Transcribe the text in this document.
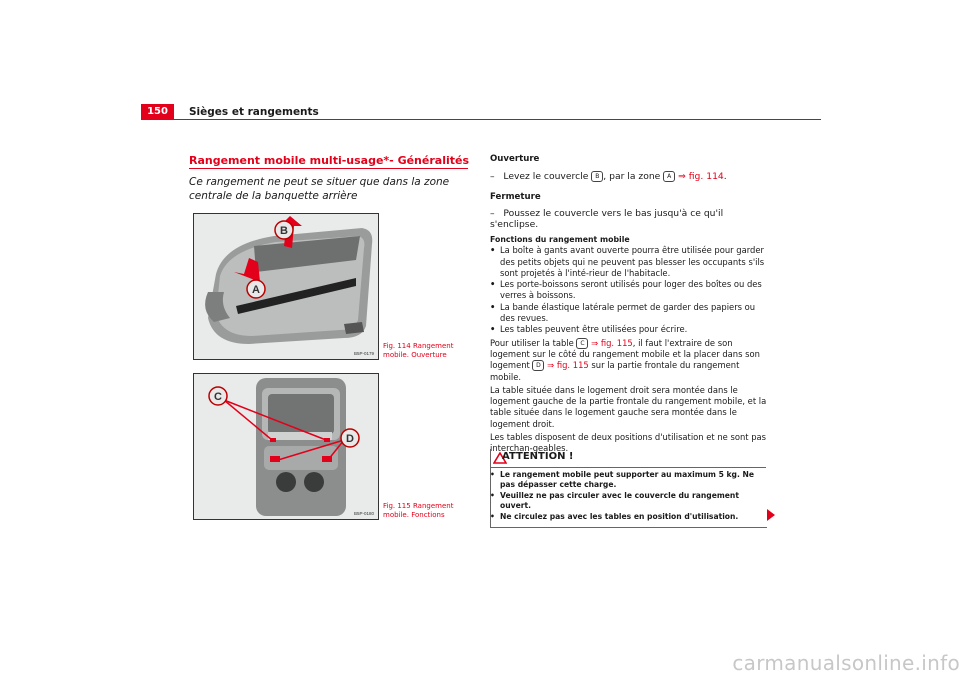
150	Sièges et rangements
Rangement mobile multi-usage*- Généralités
Ce rangement ne peut se situer que dans la zone centrale de la banquette arrière
A
B
B5P-0179
Fig. 114 Rangement mobile. Ouverture
C
D
B5P-0180
Fig. 115 Rangement mobile. Fonctions
Ouverture
– Levez le couvercle B , par la zone A ⇒ fig. 114.
Fermeture
– Poussez le couvercle vers le bas jusqu'à ce qu'il s'enclipse.
Fonctions du rangement mobile
• La boîte à gants avant ouverte pourra être utilisée pour garder des petits objets qui ne peuvent pas blesser les occupants s'ils sont projetés à l'inté-rieur de l'habitacle.
• Les porte-boissons seront utilisés pour loger des boîtes ou des verres à boissons.
• La bande élastique latérale permet de garder des papiers ou des revues.
• Les tables peuvent être utilisées pour écrire.
Pour utiliser la table C ⇒ fig. 115, il faut l'extraire de son logement sur le côté du rangement mobile et la placer dans son logement D ⇒ fig. 115 sur la partie frontale du rangement mobile.
La table située dans le logement droit sera montée dans le logement gauche de la partie frontale du rangement mobile, et la table située dans le logement gauche sera montée dans le logement droit.
Les tables disposent de deux positions d'utilisation et ne sont pas interchan-geables.
ATTENTION !
• Le rangement mobile peut supporter au maximum 5 kg. Ne pas dépasser cette charge.
• Veuillez ne pas circuler avec le couvercle du rangement ouvert.
• Ne circulez pas avec les tables en position d'utilisation.
carmanualsonline.info
